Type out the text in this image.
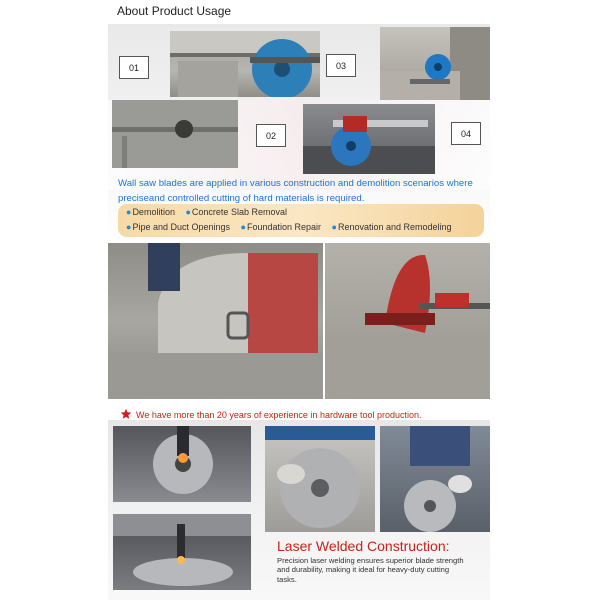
About Product Usage
01	03
02	04
Wall saw blades are applied in various construction and demolition scenarios where preciseand controlled cutting of hard materials is required.
●Demolition ●Concrete Slab Removal
●Pipe and Duct Openings ●Foundation Repair ●Renovation and Remodeling
We have more than 20 years of experience in hardware tool production.
Laser Welded Construction:
Precision laser welding ensures superior blade strength and durability, making it ideal for heavy-duty cutting tasks.
